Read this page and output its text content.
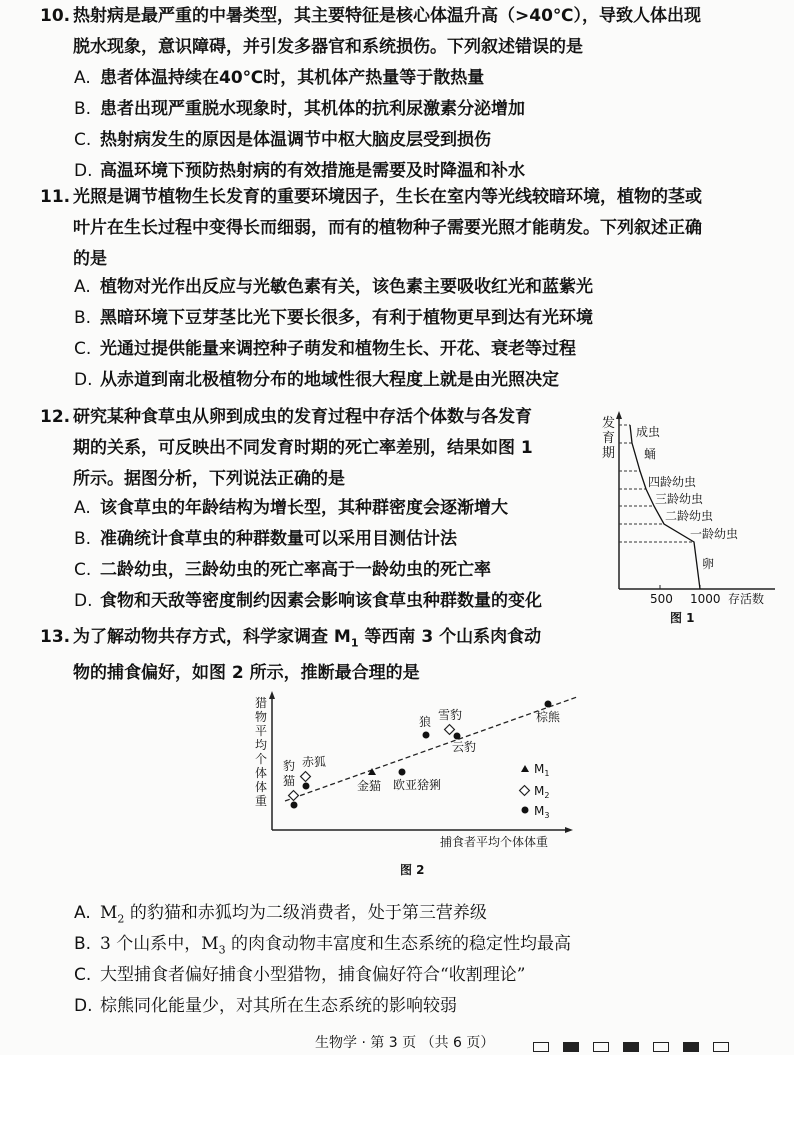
10. 热射病是最严重的中暑类型，其主要特征是核心体温升高（>40℃），导致人体出现
脱水现象，意识障碍，并引发多器官和系统损伤。下列叙述错误的是
A. 患者体温持续在40℃时，其机体产热量等于散热量
B. 患者出现严重脱水现象时，其机体的抗利尿激素分泌增加
C. 热射病发生的原因是体温调节中枢大脑皮层受到损伤
D. 高温环境下预防热射病的有效措施是需要及时降温和补水
11. 光照是调节植物生长发育的重要环境因子，生长在室内等光线较暗环境，植物的茎或
叶片在生长过程中变得长而细弱，而有的植物种子需要光照才能萌发。下列叙述正确
的是
A. 植物对光作出反应与光敏色素有关，该色素主要吸收红光和蓝紫光
B. 黑暗环境下豆芽茎比光下要长很多，有利于植物更早到达有光环境
C. 光通过提供能量来调控种子萌发和植物生长、开花、衰老等过程
D. 从赤道到南北极植物分布的地域性很大程度上就是由光照决定
12. 研究某种食草虫从卵到成虫的发育过程中存活个体数与各发育
期的关系，可反映出不同发育时期的死亡率差别，结果如图 1
所示。据图分析，下列说法正确的是
A. 该食草虫的年龄结构为增长型，其种群密度会逐渐增大
B. 准确统计食草虫的种群数量可以采用目测估计法
C. 二龄幼虫，三龄幼虫的死亡率高于一龄幼虫的死亡率
D. 食物和天敌等密度制约因素会影响该食草虫种群数量的变化
发
育
期
500 1000 存活数
图 1
成虫
蛹
四龄幼虫
三龄幼虫
二龄幼虫
一龄幼虫
卵
13. 为了解动物共存方式，科学家调查 $M_1$ 等西南 3 个山系肉食动
物的捕食偏好，如图 2 所示，推断最合理的是
猎
物
平
均
个
体
体
重
捕食者平均个体体重
图 2
豹
猫
赤狐
金猫 欧亚猞猁
狼 雪豹
云豹
棕熊
$M_1$
$M_2$
$M_3$
A. $M_2$ 的豹猫和赤狐均为二级消费者，处于第三营养级
B. 3 个山系中，$M_3$ 的肉食动物丰富度和生态系统的稳定性均最高
C. 大型捕食者偏好捕食小型猎物，捕食偏好符合“收割理论”
D. 棕熊同化能量少，对其所在生态系统的影响较弱
生物学 · 第 3 页 （共 6 页）
